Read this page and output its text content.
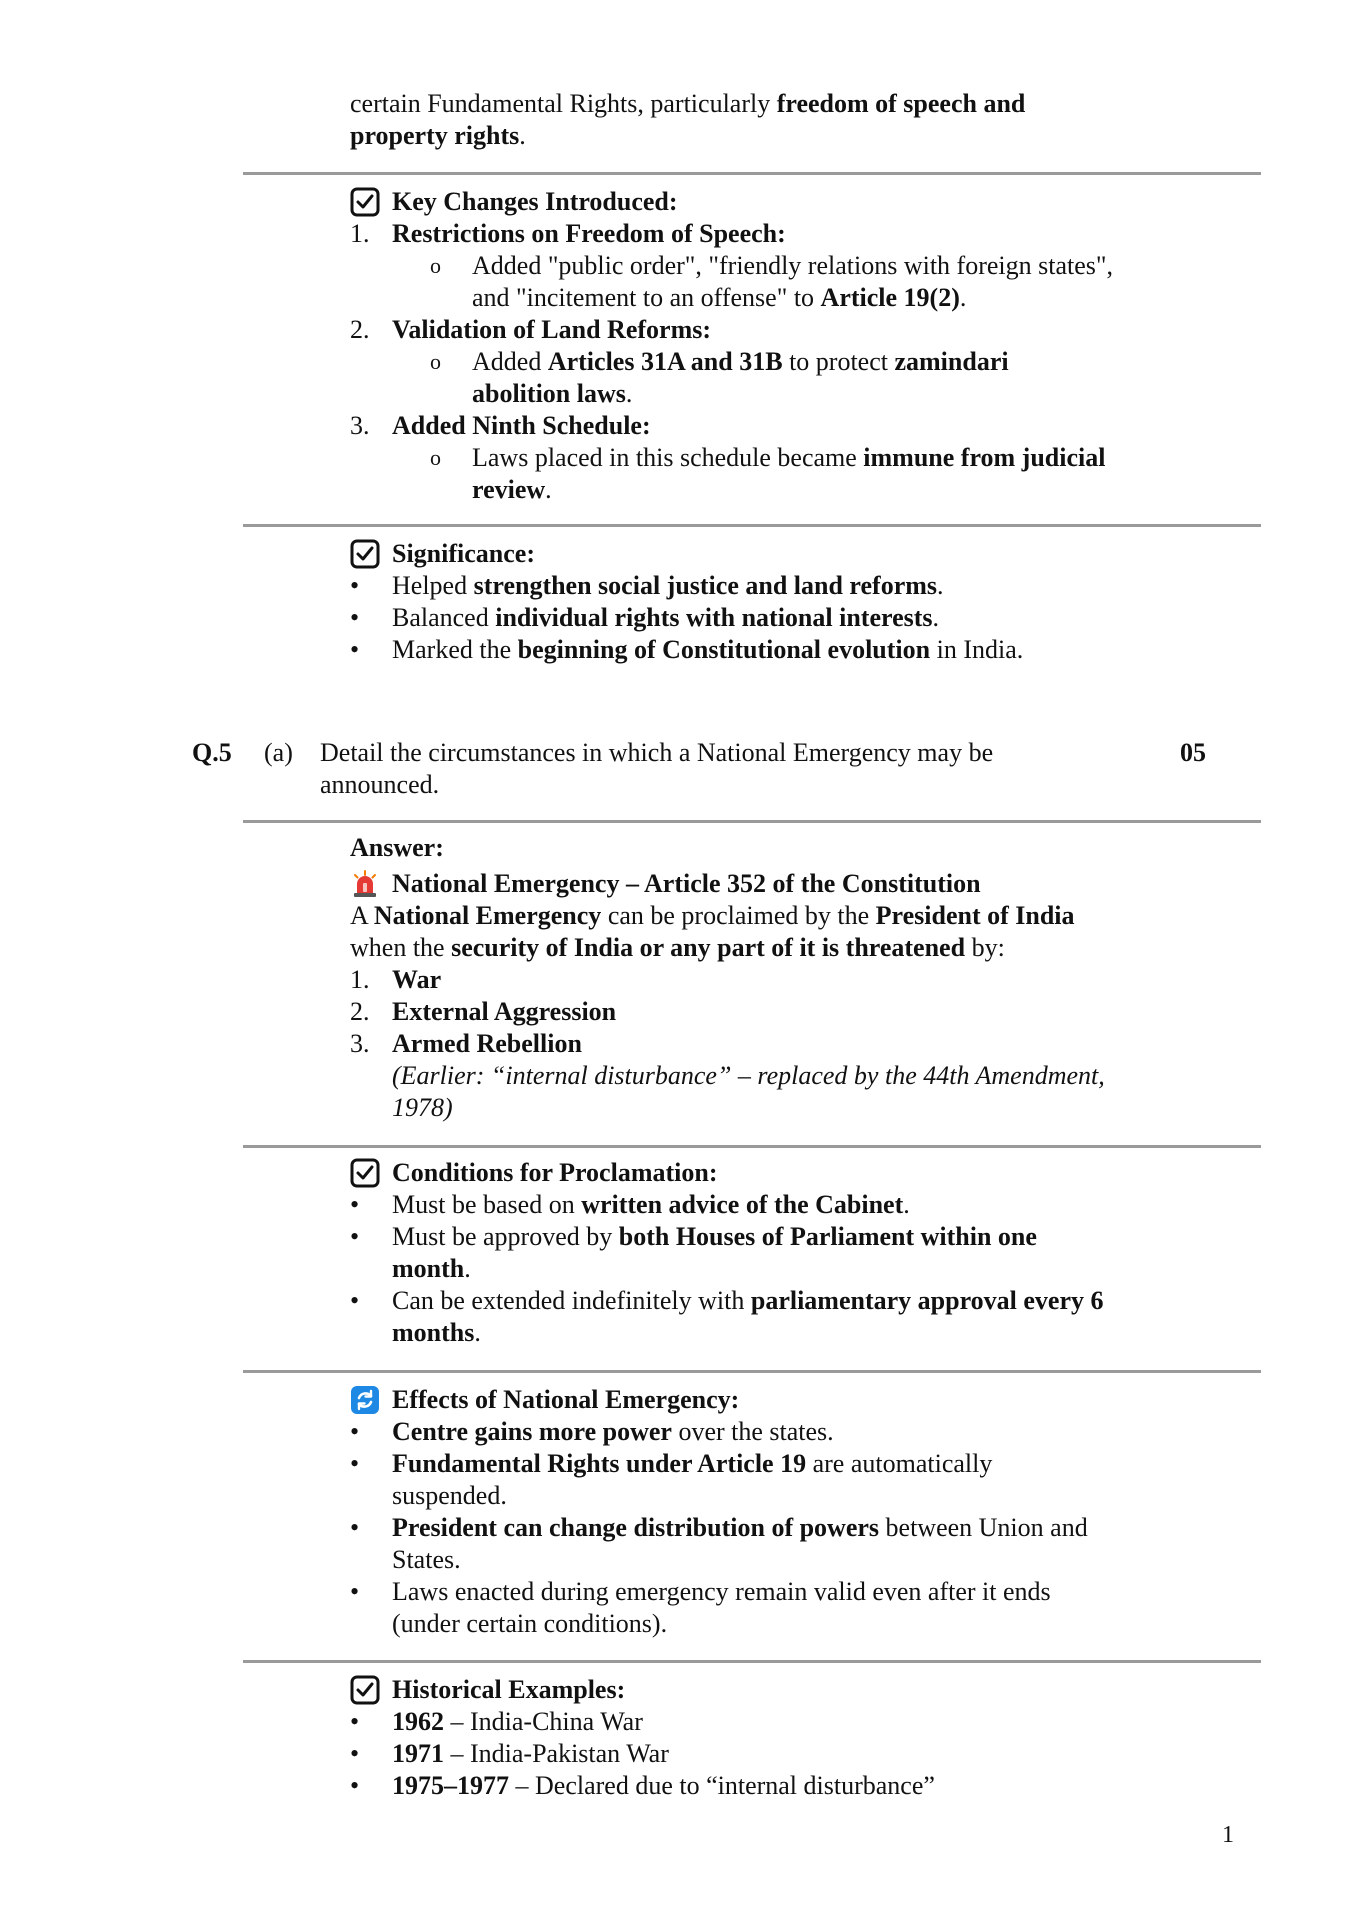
certain Fundamental Rights, particularly freedom of speech and
property rights.
Key Changes Introduced:
1. Restrictions on Freedom of Speech:
o	Added "public order", "friendly relations with foreign states",
and "incitement to an offense" to Article 19(2).
2. Validation of Land Reforms:
o	Added Articles 31A and 31B to protect zamindari
abolition laws.
3. Added Ninth Schedule:
o	Laws placed in this schedule became immune from judicial
review.
Significance:
•	Helped strengthen social justice and land reforms.
•	Balanced individual rights with national interests.
•	Marked the beginning of Constitutional evolution in India.
Q.5 (a) Detail the circumstances in which a National Emergency may be
announced.
05
Answer:
National Emergency – Article 352 of the Constitution
A National Emergency can be proclaimed by the President of India
when the security of India or any part of it is threatened by:
1. War
2. External Aggression
3. Armed Rebellion
(Earlier: “internal disturbance” – replaced by the 44th Amendment,
1978)
Conditions for Proclamation:
•	Must be based on written advice of the Cabinet.
•	Must be approved by both Houses of Parliament within one
month.
•	Can be extended indefinitely with parliamentary approval every 6
months.
Effects of National Emergency:
•	Centre gains more power over the states.
•	Fundamental Rights under Article 19 are automatically
suspended.
•	President can change distribution of powers between Union and
States.
•	Laws enacted during emergency remain valid even after it ends
(under certain conditions).
Historical Examples:
•	1962 – India-China War
•	1971 – India-Pakistan War
•	1975–1977 – Declared due to “internal disturbance”
1
